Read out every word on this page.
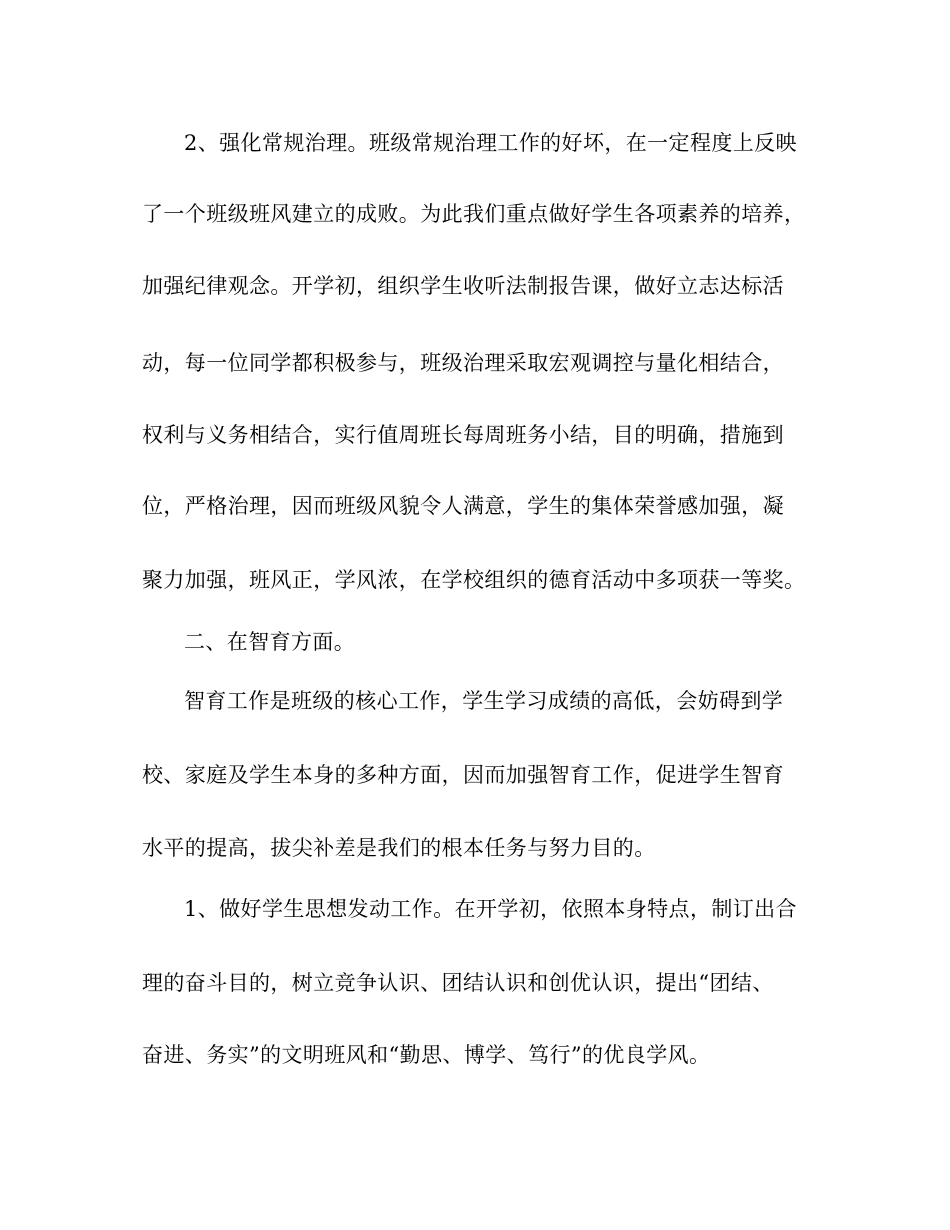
2、强化常规治理。班级常规治理工作的好坏，在一定程度上反映
了一个班级班风建立的成败。为此我们重点做好学生各项素养的培养，
加强纪律观念。开学初，组织学生收听法制报告课，做好立志达标活
动，每一位同学都积极参与，班级治理采取宏观调控与量化相结合，
权利与义务相结合，实行值周班长每周班务小结，目的明确，措施到
位，严格治理，因而班级风貌令人满意，学生的集体荣誉感加强，凝
聚力加强，班风正，学风浓，在学校组织的德育活动中多项获一等奖。
二、在智育方面。
智育工作是班级的核心工作，学生学习成绩的高低，会妨碍到学
校、家庭及学生本身的多种方面，因而加强智育工作，促进学生智育
水平的提高，拔尖补差是我们的根本任务与努力目的。
1、做好学生思想发动工作。在开学初，依照本身特点，制订出合
理的奋斗目的，树立竞争认识、团结认识和创优认识，提出“团结、
奋进、务实”的文明班风和“勤思、博学、笃行”的优良学风。
